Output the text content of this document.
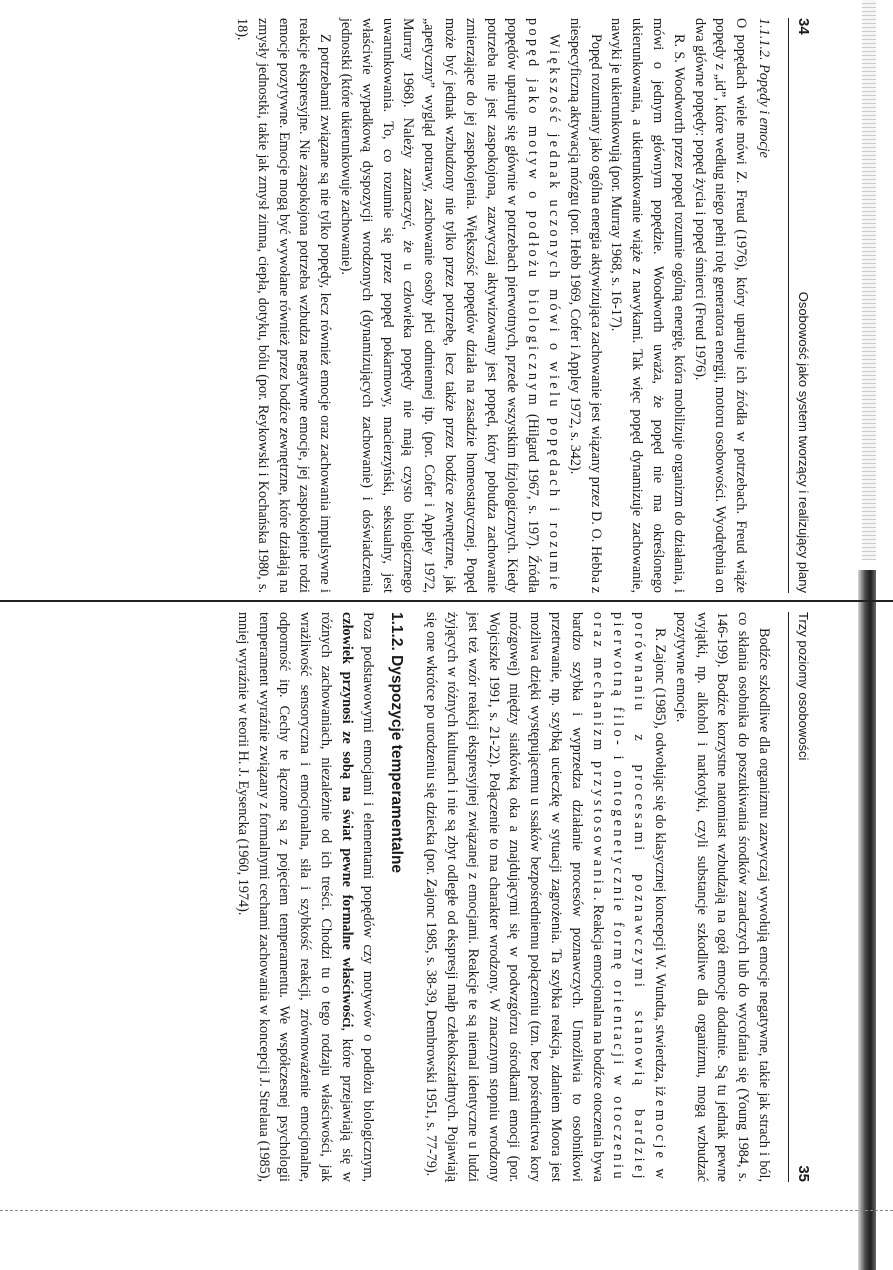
34
Osobowość jako system tworzący i realizujący plany
1.1.1.2. Popędy i emocje

O popędach wiele mówi Z. Freud (1976), który upatruje ich źródła w potrzebach. Freud wiąże popędy z „id”, które według niego pełni rolę generatora energii, motoru osobowości. Wyodrębnia on dwa główne popędy: popęd życia i popęd śmierci (Freud 1976).

R. S. Woodworth przez popęd rozumie ogólną energię, która mobilizuje organizm do działania, i mówi o jednym głównym popędzie. Woodworth uważa, że popęd nie ma określonego ukierunkowania, a ukierunkowanie wiąże z nawykami. Tak więc popęd dynamizuje zachowanie, nawyki je ukierunkowują (por. Murray 1968, s. 16-17).

Popęd rozumiany jako ogólna energia aktywizująca zachowanie jest wiązany przez D. O. Hebba z niespecyficzną aktywacją mózgu (por. Hebb 1969, Cofer i Appley 1972, s. 342).

Większość jednak uczonych mówi o wielu popędach i rozumie popęd jako motyw o podłożu biologicznym (Hilgard 1967, s. 197). Źródła popędów upatruje się głównie w potrzebach pierwotnych, przede wszystkim fizjologicznych. Kiedy potrzeba nie jest zaspokojona, zazwyczaj aktywizowany jest popęd, który pobudza zachowanie zmierzające do jej zaspokojenia. Większość popędów działa na zasadzie homeostatycznej. Popęd może być jednak wzbudzony nie tylko przez potrzebę, lecz także przez bodźce zewnętrzne, jak „apetyczny” wygląd potrawy, zachowanie osoby płci odmiennej itp. (por. Cofer i Appley 1972, Murray 1968). Należy zaznaczyć, że u człowieka popędy nie mają czysto biologicznego uwarunkowania. To, co rozumie się przez popęd pokarmowy, macierzyński, seksualny, jest właściwie wypadkową dyspozycji wrodzonych (dynamizujących zachowanie) i doświadczenia jednostki (które ukierunkowuje zachowanie).

Z potrzebami związane są nie tylko popędy, lecz również emocje oraz zachowania impulsywne i reakcje ekspresyjne. Nie zaspokojona potrzeba wzbudza negatywne emocje, jej zaspokojenie rodzi emocje pozytywne. Emocje mogą być wywołane również przez bodźce zewnętrzne, które działają na zmysły jednostki, takie jak zmysł zimna, ciepła, dotyku, bólu (por. Reykowski i Kochańska 1980, s. 18).

Trzy poziomy osobowości
35

Bodźce szkodliwe dla organizmu zazwyczaj wywołują emocje negatywne, takie jak strach i ból, co skłania osobnika do poszukiwania środków zaradczych lub do wycofania się (Young 1984, s. 146-199). Bodźce korzystne natomiast wzbudzają na ogół emocje dodatnie. Są tu jednak pewne wyjątki, np. alkohol i narkotyki, czyli substancje szkodliwe dla organizmu, mogą wzbudzać pozytywne emocje.

R. Zajonc (1985), odwołując się do klasycznej koncepcji W. Wundta, stwierdza, iż emocje w porównaniu z procesami poznawczymi stanowią bardziej pierwotną filo- i ontogenetycznie formę orientacji w otoczeniu oraz mechanizm przystosowania. Reakcja emocjonalna na bodźce otoczenia bywa bardzo szybka i wyprzedza działanie procesów poznawczych. Umożliwia to osobnikowi przetrwanie, np. szybką ucieczkę w sytuacji zagrożenia. Ta szybka reakcja, zdaniem Moora jest możliwa dzięki występującemu u ssaków bezpośredniemu połączeniu (tzn. bez pośrednictwa kory mózgowej) między siatkówką oka a znajdującymi się w podwzgórzu ośrodkami emocji (por. Wojciszke 1991, s. 21-22). Połączenie to ma charakter wrodzony. W znacznym stopniu wrodzony jest też wzór reakcji ekspresyjnej związanej z emocjami. Reakcje te są niemal identyczne u ludzi żyjących w różnych kulturach i nie są zbyt odległe od ekspresji małp człekokształtnych. Pojawiają się one wkrótce po urodzeniu się dziecka (por. Zajonc 1985, s. 38-39, Dembrowski 1951, s. 77-79).

1.1.2. Dyspozycje temperamentalne

Poza podstawowymi emocjami i elementami popędów czy motywów o podłożu biologicznym, człowiek przynosi ze sobą na świat pewne formalne właściwości, które przejawiają się w różnych zachowaniach, niezależnie od ich treści. Chodzi tu o tego rodzaju właściwości, jak wrażliwość sensoryczna i emocjonalna, siła i szybkość reakcji, zrównoważenie emocjonalne, odporność itp. Cechy te łączone są z pojęciem temperamentu. We współczesnej psychologii temperament wyraźnie związany z formalnymi cechami zachowania w koncepcji J. Strelaua (1985), mniej wyraźnie w teorii H. J. Eysencka (1960, 1974).
